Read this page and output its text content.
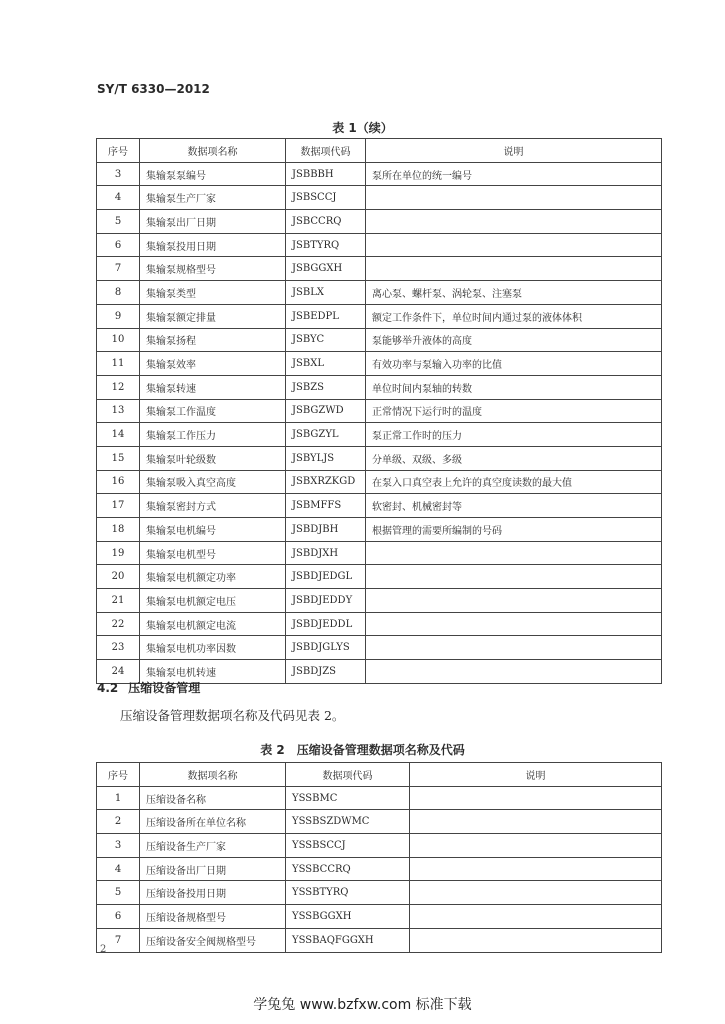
SY/T 6330—2012
表 1（续）
序号	数据项名称	数据项代码	说明
3	集输泵泵编号	JSBBBH	泵所在单位的统一编号
4	集输泵生产厂家	JSBSCCJ	
5	集输泵出厂日期	JSBCCRQ	
6	集输泵投用日期	JSBTYRQ	
7	集输泵规格型号	JSBGGXH	
8	集输泵类型	JSBLX	离心泵、螺杆泵、涡轮泵、注塞泵
9	集输泵额定排量	JSBEDPL	额定工作条件下，单位时间内通过泵的液体体积
10	集输泵扬程	JSBYC	泵能够举升液体的高度
11	集输泵效率	JSBXL	有效功率与泵输入功率的比值
12	集输泵转速	JSBZS	单位时间内泵轴的转数
13	集输泵工作温度	JSBGZWD	正常情况下运行时的温度
14	集输泵工作压力	JSBGZYL	泵正常工作时的压力
15	集输泵叶轮级数	JSBYLJS	分单级、双级、多级
16	集输泵吸入真空高度	JSBXRZKGD	在泵入口真空表上允许的真空度读数的最大值
17	集输泵密封方式	JSBMFFS	软密封、机械密封等
18	集输泵电机编号	JSBDJBH	根据管理的需要所编制的号码
19	集输泵电机型号	JSBDJXH	
20	集输泵电机额定功率	JSBDJEDGL	
21	集输泵电机额定电压	JSBDJEDDY	
22	集输泵电机额定电流	JSBDJEDDL	
23	集输泵电机功率因数	JSBDJGLYS	
24	集输泵电机转速	JSBDJZS	
4.2 压缩设备管理
压缩设备管理数据项名称及代码见表 2。
表 2　压缩设备管理数据项名称及代码
序号	数据项名称	数据项代码	说明
1	压缩设备名称	YSSBMC	
2	压缩设备所在单位名称	YSSBSZDWMC	
3	压缩设备生产厂家	YSSBSCCJ	
4	压缩设备出厂日期	YSSBCCRQ	
5	压缩设备投用日期	YSSBTYRQ	
6	压缩设备规格型号	YSSBGGXH	
7	压缩设备安全阀规格型号	YSSBAQFGGXH	
2
学兔兔 www.bzfxw.com 标准下载
